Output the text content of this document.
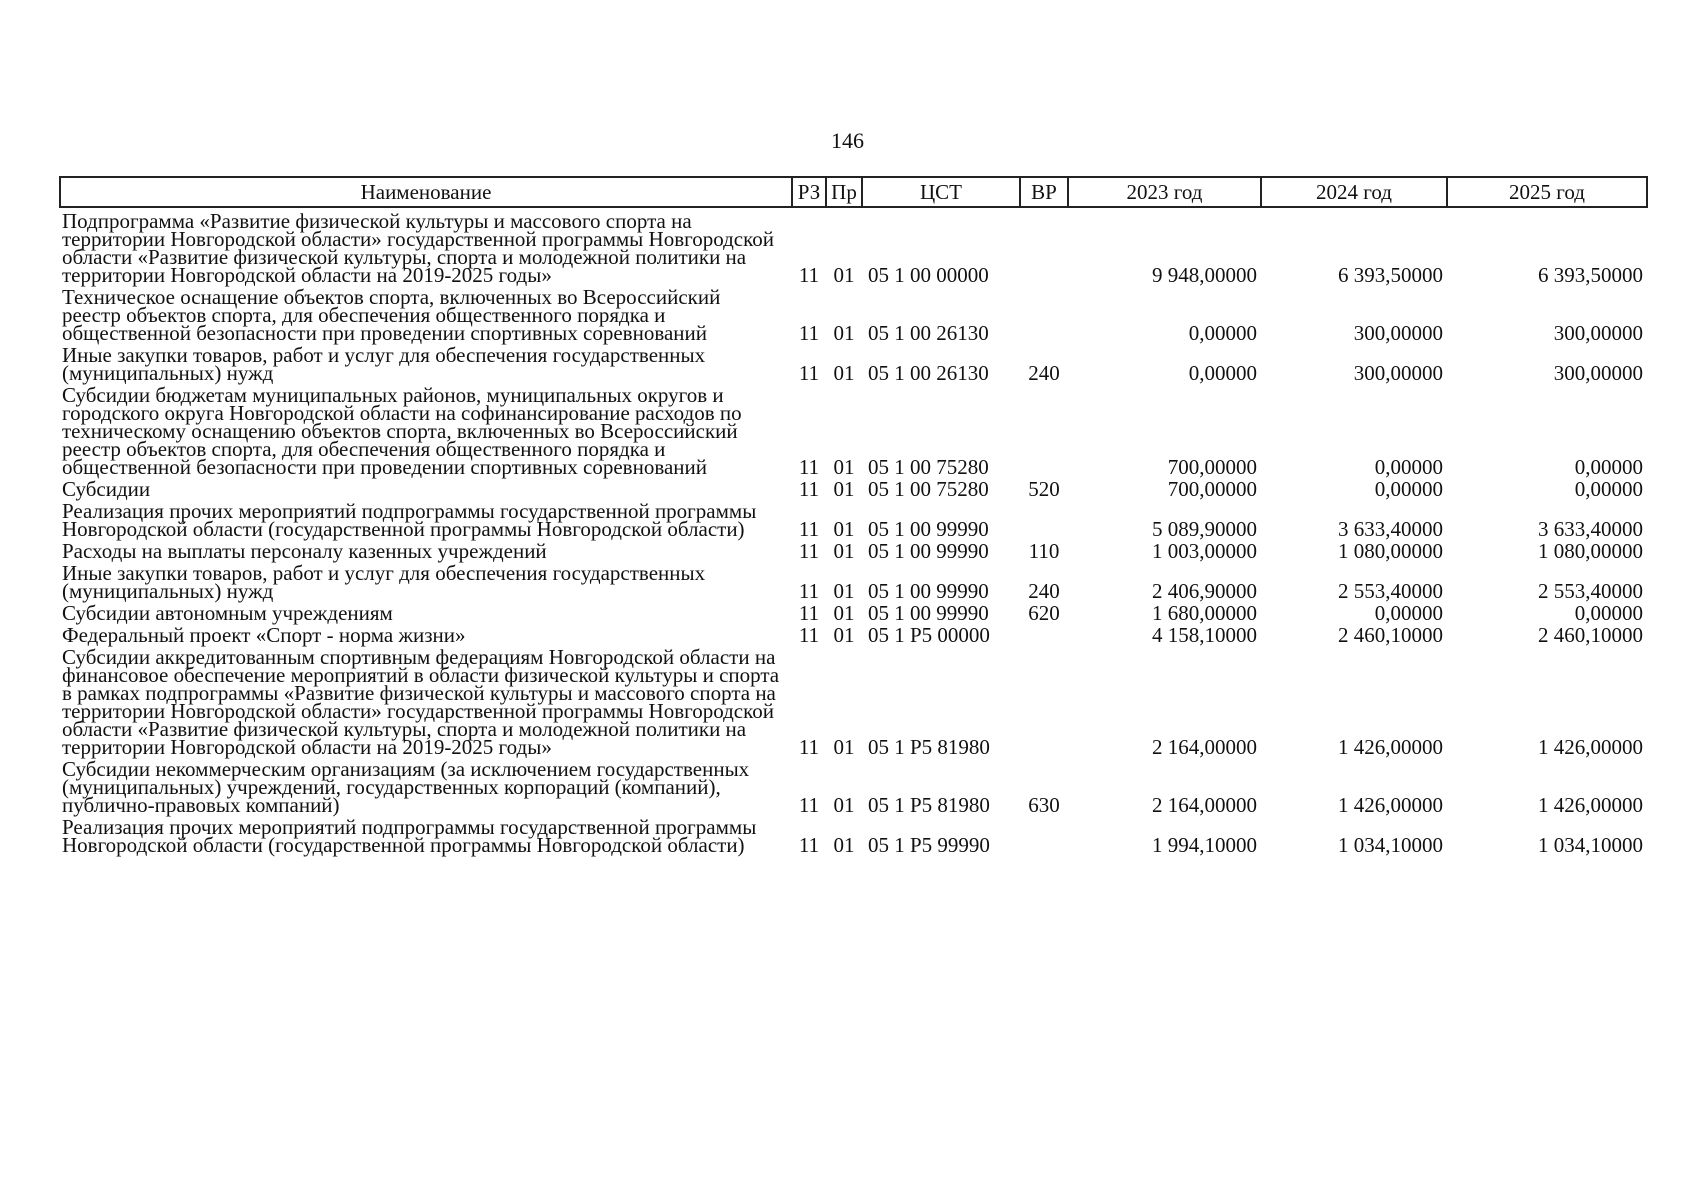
146
Наименование	РЗ	Пр	ЦСТ	ВР	2023 год	2024 год	2025 год
Подпрограмма «Развитие физической культуры и массового спорта на территории Новгородской области» государственной программы Новгородской области «Развитие физической культуры, спорта и молодежной политики на территории Новгородской области на 2019-2025 годы»	11	01	05 1 00 00000		9 948,00000	6 393,50000	6 393,50000
Техническое оснащение объектов спорта, включенных во Всероссийский реестр объектов спорта, для обеспечения общественного порядка и общественной безопасности при проведении спортивных соревнований	11	01	05 1 00 26130		0,00000	300,00000	300,00000
Иные закупки товаров, работ и услуг для обеспечения государственных (муниципальных) нужд	11	01	05 1 00 26130	240	0,00000	300,00000	300,00000
Субсидии бюджетам муниципальных районов, муниципальных округов и городского округа Новгородской области на софинансирование расходов по техническому оснащению объектов спорта, включенных во Всероссийский реестр объектов спорта, для обеспечения общественного порядка и общественной безопасности при проведении спортивных соревнований	11	01	05 1 00 75280		700,00000	0,00000	0,00000
Субсидии	11	01	05 1 00 75280	520	700,00000	0,00000	0,00000
Реализация прочих мероприятий подпрограммы государственной программы Новгородской области (государственной программы Новгородской области)	11	01	05 1 00 99990		5 089,90000	3 633,40000	3 633,40000
Расходы на выплаты персоналу казенных учреждений	11	01	05 1 00 99990	110	1 003,00000	1 080,00000	1 080,00000
Иные закупки товаров, работ и услуг для обеспечения государственных (муниципальных) нужд	11	01	05 1 00 99990	240	2 406,90000	2 553,40000	2 553,40000
Субсидии автономным учреждениям	11	01	05 1 00 99990	620	1 680,00000	0,00000	0,00000
Федеральный проект «Спорт - норма жизни»	11	01	05 1 P5 00000		4 158,10000	2 460,10000	2 460,10000
Субсидии аккредитованным спортивным федерациям Новгородской области на финансовое обеспечение мероприятий в области физической культуры и спорта в рамках подпрограммы «Развитие физической культуры и массового спорта на территории Новгородской области» государственной программы Новгородской области «Развитие физической культуры, спорта и молодежной политики на территории Новгородской области на 2019-2025 годы»	11	01	05 1 P5 81980		2 164,00000	1 426,00000	1 426,00000
Субсидии некоммерческим организациям (за исключением государственных (муниципальных) учреждений, государственных корпораций (компаний), публично-правовых компаний)	11	01	05 1 P5 81980	630	2 164,00000	1 426,00000	1 426,00000
Реализация прочих мероприятий подпрограммы государственной программы Новгородской области (государственной программы Новгородской области)	11	01	05 1 P5 99990		1 994,10000	1 034,10000	1 034,10000
